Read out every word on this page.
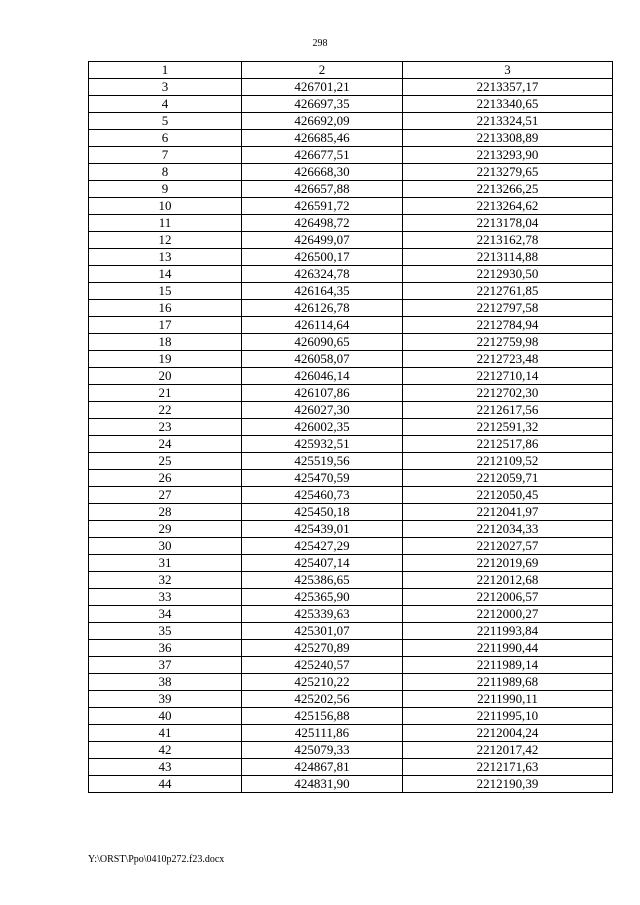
298
1	2	3
3	426701,21	2213357,17
4	426697,35	2213340,65
5	426692,09	2213324,51
6	426685,46	2213308,89
7	426677,51	2213293,90
8	426668,30	2213279,65
9	426657,88	2213266,25
10	426591,72	2213264,62
11	426498,72	2213178,04
12	426499,07	2213162,78
13	426500,17	2213114,88
14	426324,78	2212930,50
15	426164,35	2212761,85
16	426126,78	2212797,58
17	426114,64	2212784,94
18	426090,65	2212759,98
19	426058,07	2212723,48
20	426046,14	2212710,14
21	426107,86	2212702,30
22	426027,30	2212617,56
23	426002,35	2212591,32
24	425932,51	2212517,86
25	425519,56	2212109,52
26	425470,59	2212059,71
27	425460,73	2212050,45
28	425450,18	2212041,97
29	425439,01	2212034,33
30	425427,29	2212027,57
31	425407,14	2212019,69
32	425386,65	2212012,68
33	425365,90	2212006,57
34	425339,63	2212000,27
35	425301,07	2211993,84
36	425270,89	2211990,44
37	425240,57	2211989,14
38	425210,22	2211989,68
39	425202,56	2211990,11
40	425156,88	2211995,10
41	425111,86	2212004,24
42	425079,33	2212017,42
43	424867,81	2212171,63
44	424831,90	2212190,39
Y:\ORST\Ppo\0410p272.f23.docx
